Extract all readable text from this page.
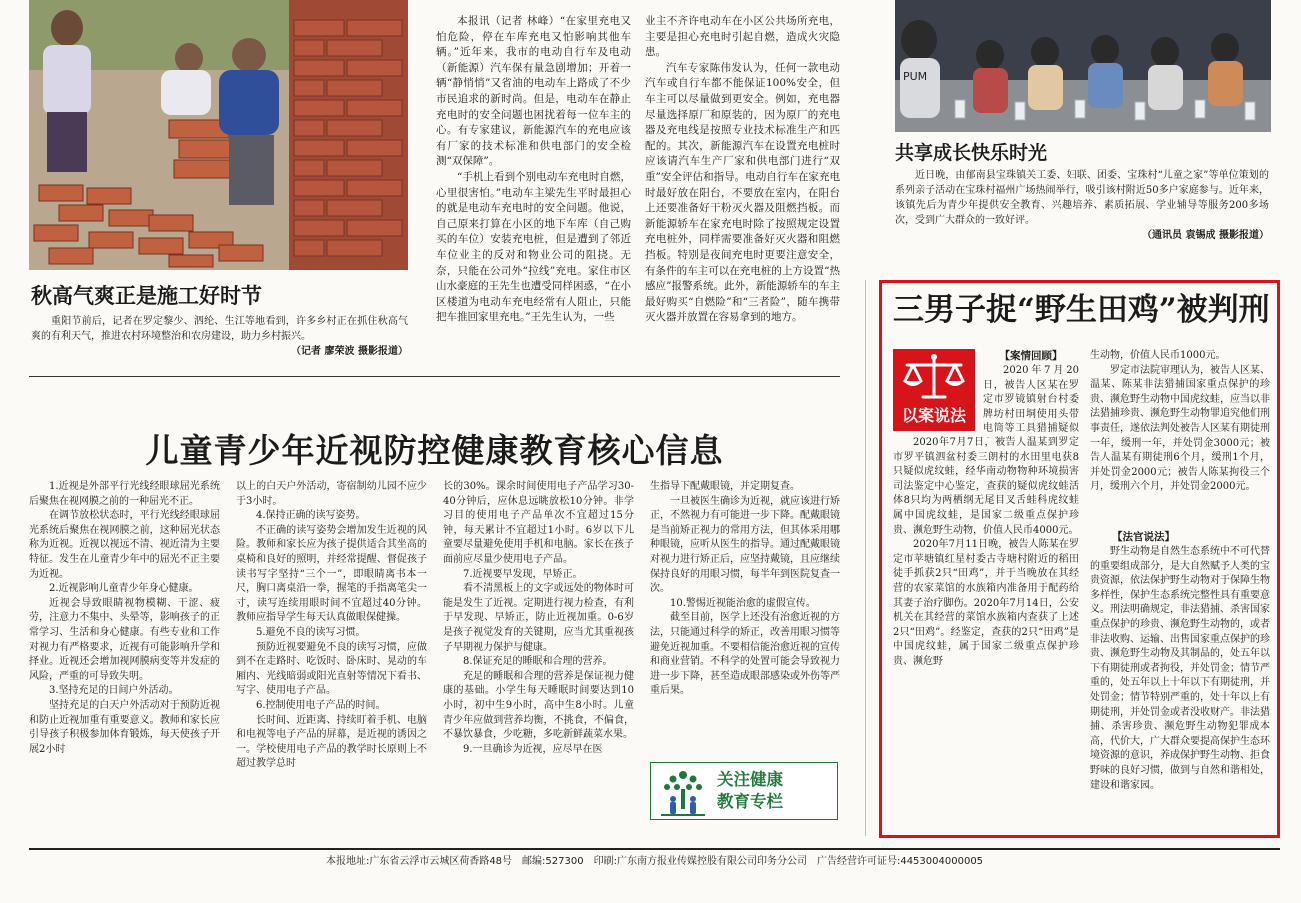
秋高气爽正是施工好时节

重阳节前后，记者在罗定黎少、泗纶、生江等地看到，许多乡村正在抓住秋高气爽的有利天气，推进农村环境整治和农房建设，助力乡村振兴。

（记者 廖荣波 摄影报道）

本报讯（记者 林峰）“在家里充电又怕危险，停在车库充电又怕影响其他车辆。”近年来，我市的电动自行车及电动（新能源）汽车保有量急剧增加；开着一辆“静悄悄”又省油的电动车上路成了不少市民追求的新时尚。但是，电动车在静止充电时的安全问题也困扰着每一位车主的心。有专家建议，新能源汽车的充电应该有厂家的技术标准和供电部门的安全检测“双保障”。

“手机上看到个别电动车充电时自燃，心里很害怕。”电动车主梁先生平时最担心的就是电动车充电时的安全问题。他说，自己原来打算在小区的地下车库（自己购买的车位）安装充电桩，但是遭到了邻近车位业主的反对和物业公司的阻挠。无奈，只能在公司外“拉线”充电。家住市区山水豪庭的王先生也遭受同样困惑，“在小区楼道为电动车充电经常有人阻止，只能把车推回家里充电。”王先生认为，一些

业主不齐许电动车在小区公共场所充电，主要是担心充电时引起自燃，造成火灾隐患。

汽车专家陈伟发认为，任何一款电动汽车或自行车都不能保证100%安全，但车主可以尽量做到更安全。例如，充电器尽量选择原厂和原装的，因为原厂的充电器及充电线是按照专业技术标准生产和匹配的。其次，新能源汽车在设置充电桩时应该请汽车生产厂家和供电部门进行“双重”安全评估和指导。电动自行车在家充电时最好放在阳台，不要放在室内，在阳台上还要准备好干粉灭火器及阻燃挡板。而新能源轿车在家充电时除了按照规定设置充电桩外，同样需要准备好灭火器和阻燃挡板。特别是夜间充电时更要注意安全，有条件的车主可以在充电桩的上方设置“热感应”报警系统。此外，新能源轿车的车主最好购买“自燃险”和“三者险”，随车携带灭火器并放置在容易拿到的地方。

PUM
共享成长快乐时光

近日晚，由郁南县宝珠镇关工委、妇联、团委、宝珠村“儿童之家”等单位策划的系列亲子活动在宝珠村福州广场热闹举行，吸引该村附近50多户家庭参与。近年来，该镇先后为青少年提供安全教育、兴趣培养、素质拓展、学业辅导等服务200多场次，受到广大群众的一致好评。

（通讯员 袁锡成 摄影报道）
儿童青少年近视防控健康教育核心信息

1.近视是外部平行光线经眼球屈光系统后聚焦在视网膜之前的一种屈光不正。

在调节放松状态时，平行光线经眼球屈光系统后聚焦在视网膜之前，这种屈光状态称为近视。近视以视远不清、视近清为主要特征。发生在儿童青少年中的屈光不正主要为近视。

2.近视影响儿童青少年身心健康。

近视会导致眼睛视物模糊、干涩、疲劳，注意力不集中、头晕等，影响孩子的正常学习、生活和身心健康。有些专业和工作对视力有严格要求，近视有可能影响升学和择业。近视还会增加视网膜病变等并发症的风险，严重的可导致失明。

3.坚持充足的日间户外活动。

坚持充足的白天户外活动对于预防近视和防止近视加重有重要意义。教师和家长应引导孩子积极参加体育锻炼，每天使孩子开展2小时

以上的白天户外活动，寄宿制幼儿园不应少于3小时。

4.保持正确的读写姿势。

不正确的读写姿势会增加发生近视的风险。教师和家长应为孩子提供适合其坐高的桌椅和良好的照明，并经常提醒、督促孩子读书写字坚持“三个一”，即眼睛离书本一尺，胸口离桌沿一拳，握笔的手指离笔尖一寸，读写连续用眼时间不宜超过40分钟。教师应指导学生每天认真做眼保健操。

5.避免不良的读写习惯。

预防近视要避免不良的读写习惯，应做到不在走路时、吃饭时、卧床时、晃动的车厢内、光线暗弱或阳光直射等情况下看书、写字、使用电子产品。

6.控制使用电子产品的时间。

长时间、近距离、持续盯着手机、电脑和电视等电子产品的屏幕，是近视的诱因之一。学校使用电子产品的教学时长原则上不超过教学总时

长的30%。课余时间使用电子产品学习30-40分钟后，应休息远眺放松10分钟。非学习目的使用电子产品单次不宜超过15分钟，每天累计不宜超过1小时。6岁以下儿童要尽量避免使用手机和电脑。家长在孩子面前应尽量少使用电子产品。

7.近视要早发现，早矫正。

看不清黑板上的文字或远处的物体时可能是发生了近视。定期进行视力检查，有利于早发现、早矫正，防止近视加重。0-6岁是孩子视觉发育的关键期，应当尤其重视孩子早期视力保护与健康。

8.保证充足的睡眠和合理的营养。

充足的睡眠和合理的营养是保证视力健康的基础。小学生每天睡眠时间要达到10小时，初中生9小时，高中生8小时。儿童青少年应做到营养均衡，不挑食，不偏食，不暴饮暴食，少吃糖，多吃新鲜蔬菜水果。

9.一旦确诊为近视，应尽早在医

生指导下配戴眼镜，并定期复查。

一旦被医生确诊为近视，就应该进行矫正，不然视力有可能进一步下降。配戴眼镜是当前矫正视力的常用方法，但其体采用哪种眼镜，应听从医生的指导。通过配戴眼镜对视力进行矫正后，应坚持戴镜，且应继续保持良好的用眼习惯，每半年到医院复查一次。

10.警惕近视能治愈的虚假宣传。

截至目前，医学上还没有治愈近视的方法，只能通过科学的矫正，改善用眼习惯等避免近视加重。不要相信能治愈近视的宣传和商业营销。不科学的处置可能会导致视力进一步下降，甚至造成眼部感染或外伤等严重后果。

关注健康
教育专栏
三男子捉“野生田鸡”被判刑
以案说法
【案情回顾】

2020年7月20日，被告人区某在罗定市罗镜镇射台村委牌坊村田垌使用头带电筒等工具猎捕疑似

2020年7月7日，被告人温某到罗定市罗平镇泗盆村委三朗村的水田里电获8只疑似虎纹蛙，经华南动物物种环境损害司法鉴定中心鉴定，查获的疑似虎纹蛙活体8只均为两栖纲无尾目叉舌蛙科虎纹蛙属中国虎纹蛙，是国家二级重点保护珍贵、濒危野生动物，价值人民币4000元。

2020年7月11日晚，被告人陈某在罗定市苹塘镇红星村委古寺塘村附近的稻田徒手抓获2只“田鸡”，并于当晚放在其经营的农家菜馆的水族箱内准备用于配药给其妻子治疗脚伤。2020年7月14日，公安机关在其经营的菜馆水族箱内查获了上述2只“田鸡”。经鉴定，查获的2只“田鸡”是中国虎纹蛙，属于国家二级重点保护珍贵、濒危野

生动物，价值人民币1000元。

罗定市法院审理认为，被告人区某、温某、陈某非法猎捕国家重点保护的珍贵、濒危野生动物中国虎纹蛙，应当以非法猎捕珍贵、濒危野生动物罪追究他们刑事责任，遂依法判处被告人区某有期徒刑一年，缓刑一年，并处罚金3000元；被告人温某有期徒刑6个月，缓刑1个月，并处罚金2000元；被告人陈某拘役三个月，缓刑六个月，并处罚金2000元。

【法官说法】

野生动物是自然生态系统中不可代替的重要组成部分，是大自然赋予人类的宝贵资源，依法保护野生动物对于保障生物多样性，保护生态系统完整性具有重要意义。刑法明确规定，非法猎捕、杀害国家重点保护的珍贵、濒危野生动物的，或者非法收购、运输、出售国家重点保护的珍贵、濒危野生动物及其制品的，处五年以下有期徒刑或者拘役，并处罚金；情节严重的，处五年以上十年以下有期徒刑，并处罚金；情节特别严重的，处十年以上有期徒刑，并处罚金或者没收财产。非法猎捕、杀害珍贵、濒危野生动物犯罪成本高，代价大，广大群众要提高保护生态环境资源的意识，养成保护野生动物、拒食野味的良好习惯，做到与自然和谐相处，建设和谐家园。

本报地址:广东省云浮市云城区荷香路48号　邮编:527300　印刷:广东南方报业传媒控股有限公司印务分公司　广告经营许可证号:4453004000005
